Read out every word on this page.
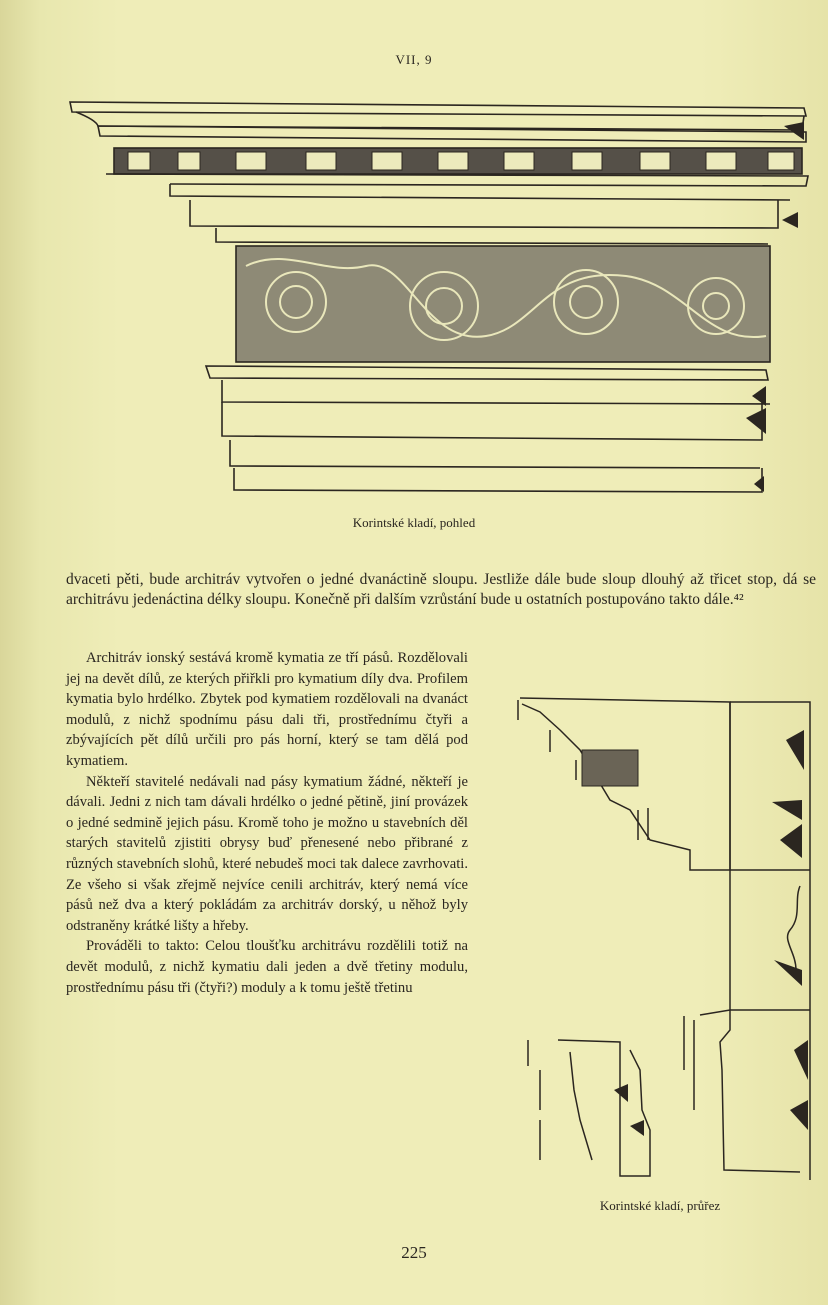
VII, 9
Korintské kladí, pohled

dvaceti pěti, bude architráv vytvořen o jedné dvanáctině sloupu. Jestliže dále bude sloup dlouhý až třicet stop, dá se architrávu jedenáctina délky sloupu. Konečně při dalším vzrůstání bude u ostatních postupováno takto dále.⁴²

Architráv ionský sestává kromě kymatia ze tří pásů. Rozdělovali jej na devět dílů, ze kterých přiřkli pro kymatium díly dva. Profilem kymatia bylo hrdélko. Zbytek pod kymatiem rozdělovali na dvanáct modulů, z nichž spodnímu pásu dali tři, prostřednímu čtyři a zbývajících pět dílů určili pro pás horní, který se tam dělá pod kymatiem.

Někteří stavitelé nedávali nad pásy kymatium žádné, někteří je dávali. Jedni z nich tam dávali hrdélko o jedné pětině, jiní provázek o jedné sedmině jejich pásu. Kromě toho je možno u stavebních děl starých stavitelů zjistiti obrysy buď přenesené nebo přibrané z různých stavebních slohů, které nebudeš moci tak dalece zavrhovati. Ze všeho si však zřejmě nejvíce cenili architráv, který nemá více pásů než dva a který pokládám za architráv dorský, u něhož byly odstraněny krátké lišty a hřeby.

Prováděli to takto: Celou tloušťku architrávu rozdělili totiž na devět modulů, z nichž kymatiu dali jeden a dvě třetiny modulu, prostřednímu pásu tři (čtyři?) moduly a k tomu ještě třetinu

Korintské kladí, průřez
225
